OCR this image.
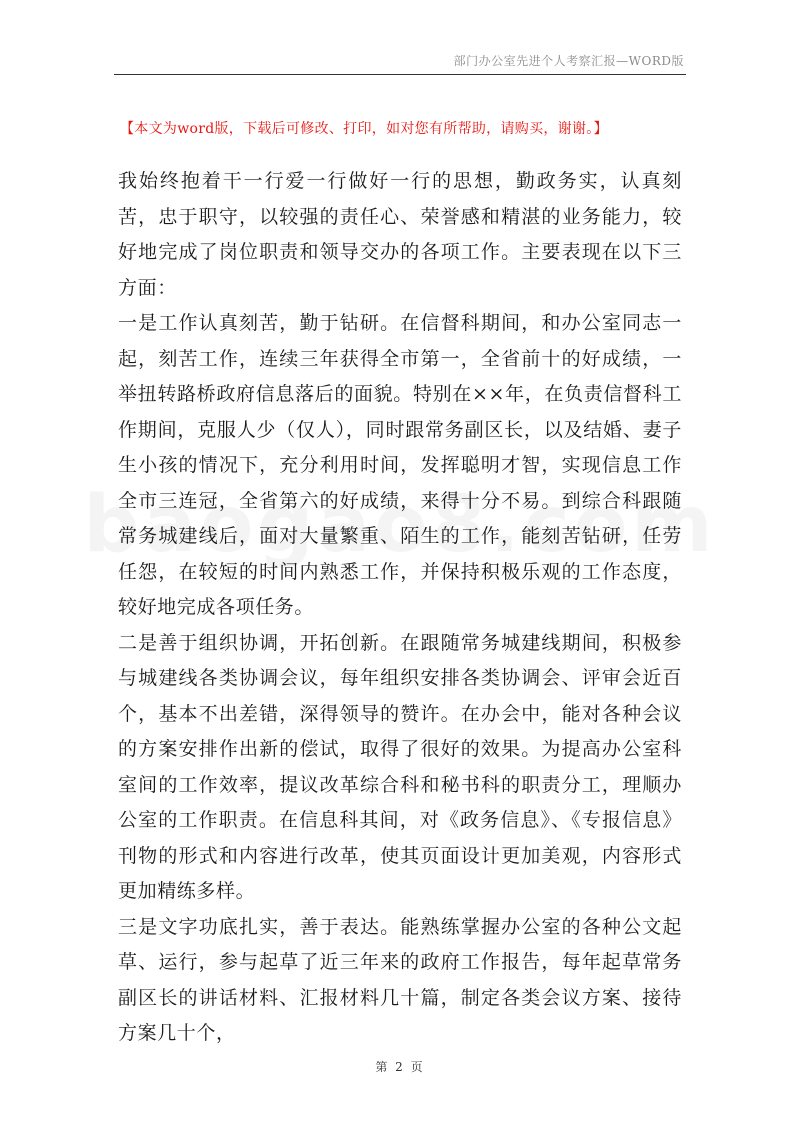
部门办公室先进个人考察汇报—WORD版
【本文为word版，下载后可修改、打印，如对您有所帮助，请购买，谢谢。】

我始终抱着干一行爱一行做好一行的思想，勤政务实，认真刻苦，忠于职守，以较强的责任心、荣誉感和精湛的业务能力，较好地完成了岗位职责和领导交办的各项工作。主要表现在以下三方面：

一是工作认真刻苦，勤于钻研。在信督科期间，和办公室同志一起，刻苦工作，连续三年获得全市第一，全省前十的好成绩，一举扭转路桥政府信息落后的面貌。特别在××年，在负责信督科工作期间，克服人少（仅人），同时跟常务副区长，以及结婚、妻子生小孩的情况下，充分利用时间，发挥聪明才智，实现信息工作全市三连冠，全省第六的好成绩，来得十分不易。到综合科跟随常务城建线后，面对大量繁重、陌生的工作，能刻苦钻研，任劳任怨，在较短的时间内熟悉工作，并保持积极乐观的工作态度，较好地完成各项任务。

二是善于组织协调，开拓创新。在跟随常务城建线期间，积极参与城建线各类协调会议，每年组织安排各类协调会、评审会近百个，基本不出差错，深得领导的赞许。在办会中，能对各种会议的方案安排作出新的偿试，取得了很好的效果。为提高办公室科室间的工作效率，提议改革综合科和秘书科的职责分工，理顺办公室的工作职责。在信息科其间，对《政务信息》、《专报信息》刊物的形式和内容进行改革，使其页面设计更加美观，内容形式更加精练多样。

三是文字功底扎实，善于表达。能熟练掌握办公室的各种公文起草、运行，参与起草了近三年来的政府工作报告，每年起草常务副区长的讲话材料、汇报材料几十篇，制定各类会议方案、接待方案几十个，

第 2 页
